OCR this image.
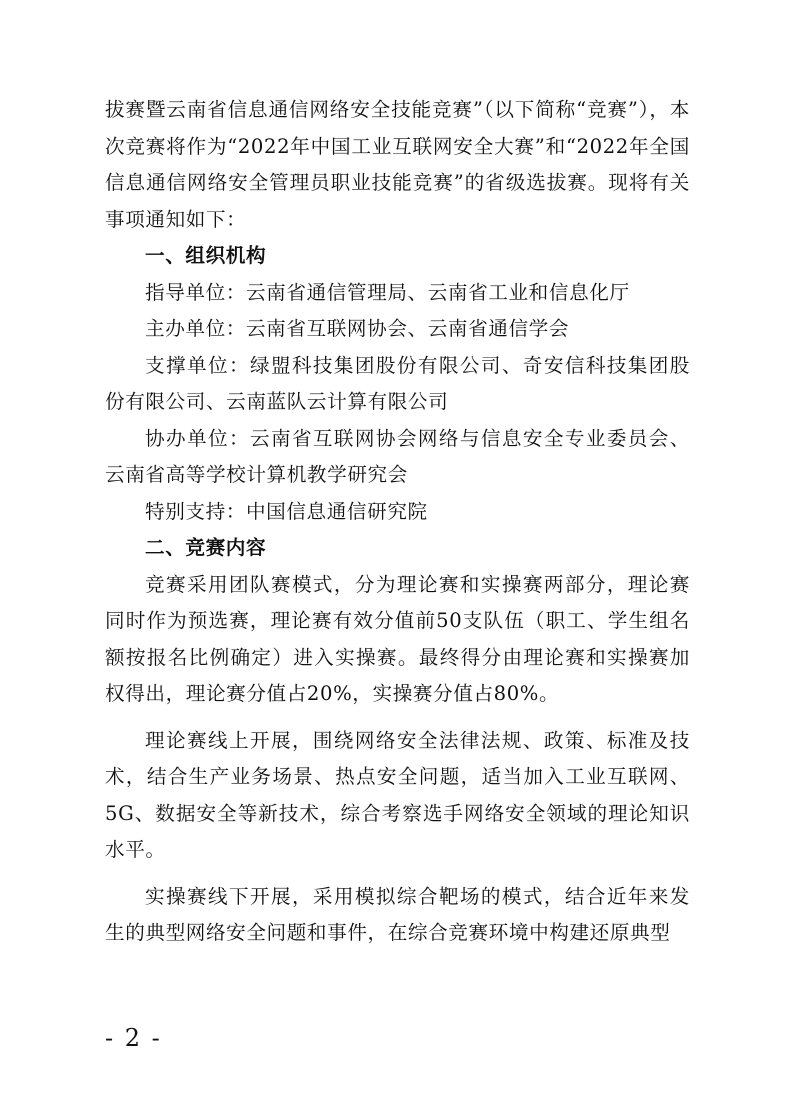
拔赛暨云南省信息通信网络安全技能竞赛”（以下简称“竞赛”），本次竞赛将作为“2022年中国工业互联网安全大赛”和“2022年全国信息通信网络安全管理员职业技能竞赛”的省级选拔赛。现将有关事项通知如下：

一、组织机构

指导单位：云南省通信管理局、云南省工业和信息化厅

主办单位：云南省互联网协会、云南省通信学会

支撑单位：绿盟科技集团股份有限公司、奇安信科技集团股份有限公司、云南蓝队云计算有限公司

协办单位：云南省互联网协会网络与信息安全专业委员会、云南省高等学校计算机教学研究会

特别支持：中国信息通信研究院

二、竞赛内容

竞赛采用团队赛模式，分为理论赛和实操赛两部分，理论赛同时作为预选赛，理论赛有效分值前50支队伍（职工、学生组名额按报名比例确定）进入实操赛。最终得分由理论赛和实操赛加权得出，理论赛分值占20%，实操赛分值占80%。

理论赛线上开展，围绕网络安全法律法规、政策、标准及技术，结合生产业务场景、热点安全问题，适当加入工业互联网、5G、数据安全等新技术，综合考察选手网络安全领域的理论知识水平。

实操赛线下开展，采用模拟综合靶场的模式，结合近年来发生的典型网络安全问题和事件，在综合竞赛环境中构建还原典型

- 2 -
